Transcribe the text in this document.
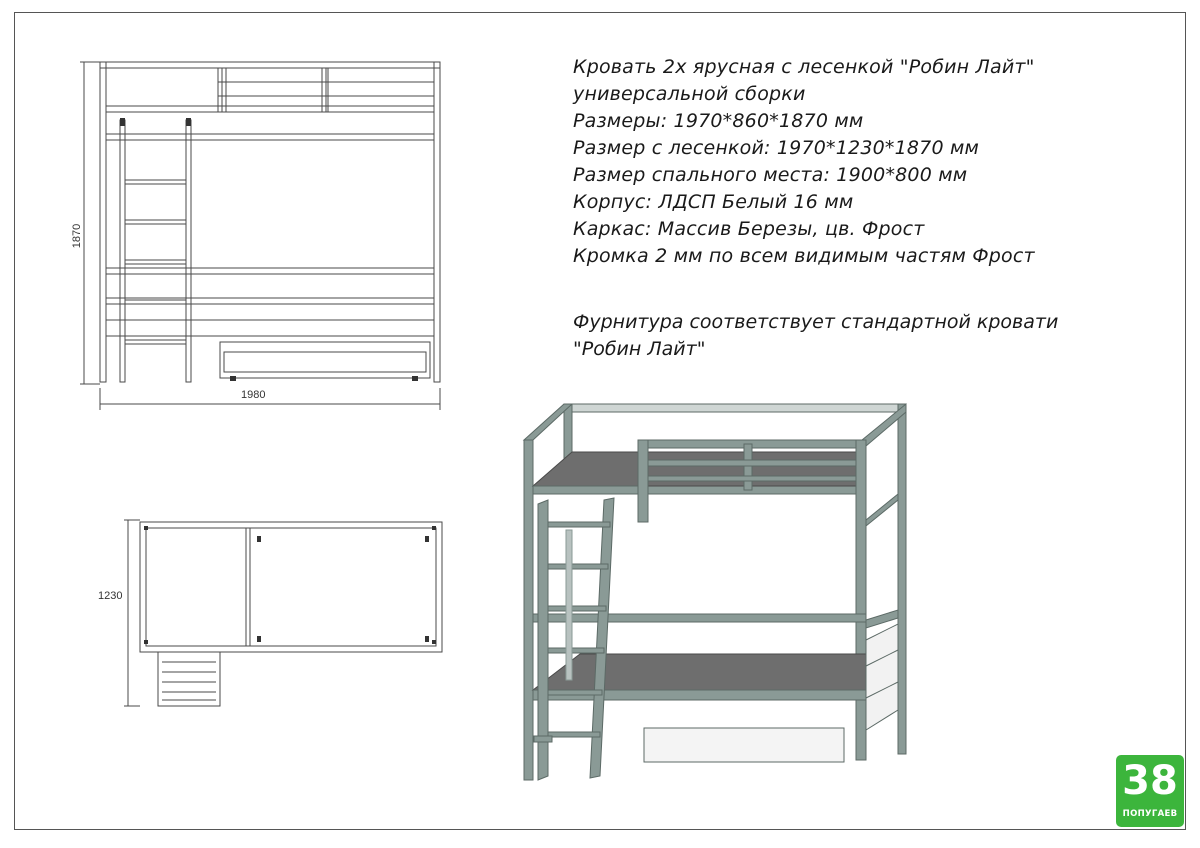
1870
1980
1230
Кровать 2х ярусная с лесенкой "Робин Лайт"
универсальной сборки
Размеры: 1970*860*1870 мм
Размер с лесенкой: 1970*1230*1870 мм
Размер спального места: 1900*800 мм
Корпус: ЛДСП Белый 16 мм
Каркас: Массив Березы, цв. Фрост
Кромка 2 мм по всем видимым частям Фрост
Фурнитура соответствует стандартной кровати
"Робин Лайт"
38
ПОПУГАЕВ
